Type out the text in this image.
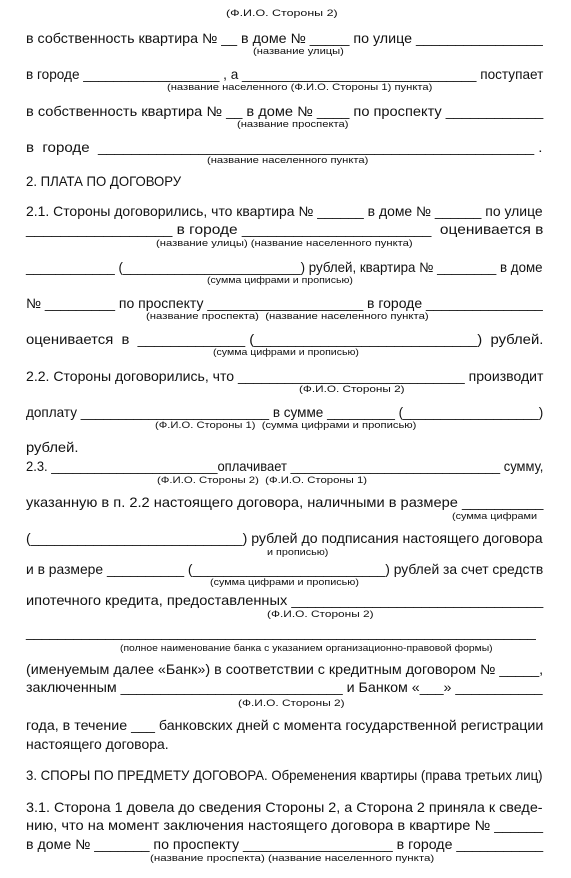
(Ф.И.О. Стороны 2)
в собственность квартира № __ в доме № _____ по улице ________________
(название улицы)
в городе __________________ , а _______________________________ поступает
(название населенного (Ф.И.О. Стороны 1) пункта)
в собственность квартира № __ в доме № ____ по проспекту ____________
(название проспекта)
в  городе  ____________________________________________________ .
(название населенного пункта)
2. ПЛАТА ПО ДОГОВОРУ
2.1. Стороны договорились, что квартира № ______ в доме № ______ по улице
_________________ в городе ______________________  оценивается в
(название улицы) (название населенного пункта)
____________ (________________________) рублей, квартира № ________ в доме
(сумма цифрами и прописью)
№ _________ по проспекту ____________________ в городе _______________
(название проспекта)  (название населенного пункта)
оценивается  в  _____________ (___________________________)  рублей.
(сумма цифрами и прописью)
2.2. Стороны договорились, что _____________________________ производит
(Ф.И.О. Стороны 2)
доплату _________________________ в сумме _________ (__________________)
(Ф.И.О. Стороны 1)  (сумма цифрами и прописью)
рублей.
2.3. _______________________оплачивает _____________________________ сумму,
(Ф.И.О. Стороны 2)  (Ф.И.О. Стороны 1)
указанную в п. 2.2 настоящего договора, наличными в размере __________
(сумма цифрами
(___________________________) рублей до подписания настоящего договора
и прописью)
и в размере __________ (_________________________) рублей за счет средств
(сумма цифрами и прописью)
ипотечного кредита, предоставленных _______________________________
(Ф.И.О. Стороны 2)
________________________________________________________________
(полное наименование банка с указанием организационно-правовой формы)
(именуемым далее «Банк») в соответствии с кредитным договором № _____,
заключенным ____________________________ и Банком «___» ___________
(Ф.И.О. Стороны 2)
года, в течение ___ банковских дней с момента государственной регистрации
настоящего договора.
3. СПОРЫ ПО ПРЕДМЕТУ ДОГОВОРА. Обременения квартиры (права третьих лиц)
3.1. Сторона 1 довела до сведения Стороны 2, а Сторона 2 приняла к сведе-
нию, что на момент заключения настоящего договора в квартире № ______
в доме № _______ по проспекту ___________________ в городе ___________
(название проспекта) (название населенного пункта)
